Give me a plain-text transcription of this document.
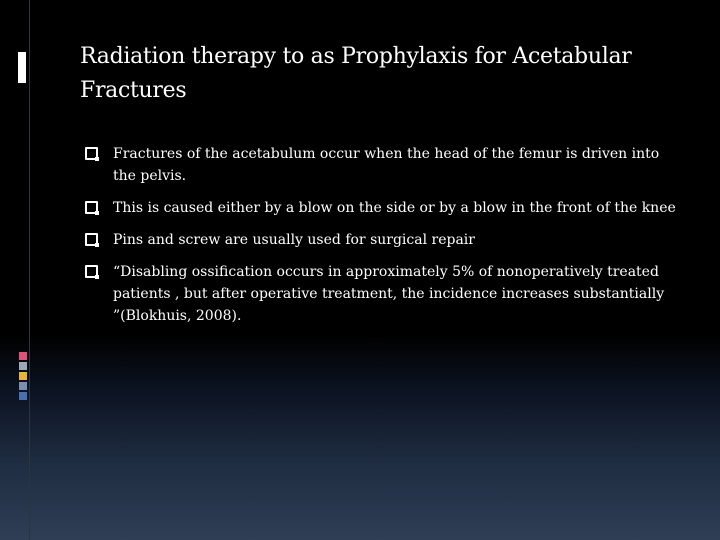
Radiation therapy to as Prophylaxis for Acetabular Fractures
Fractures of the acetabulum occur when the head of the femur is driven into the pelvis.
This is caused either by a blow on the side or by a blow in the front of the knee
Pins and screw are usually used for surgical repair
“Disabling ossification occurs in approximately 5% of nonoperatively treated patients , but after operative treatment, the incidence increases substantially ”(Blokhuis, 2008).
